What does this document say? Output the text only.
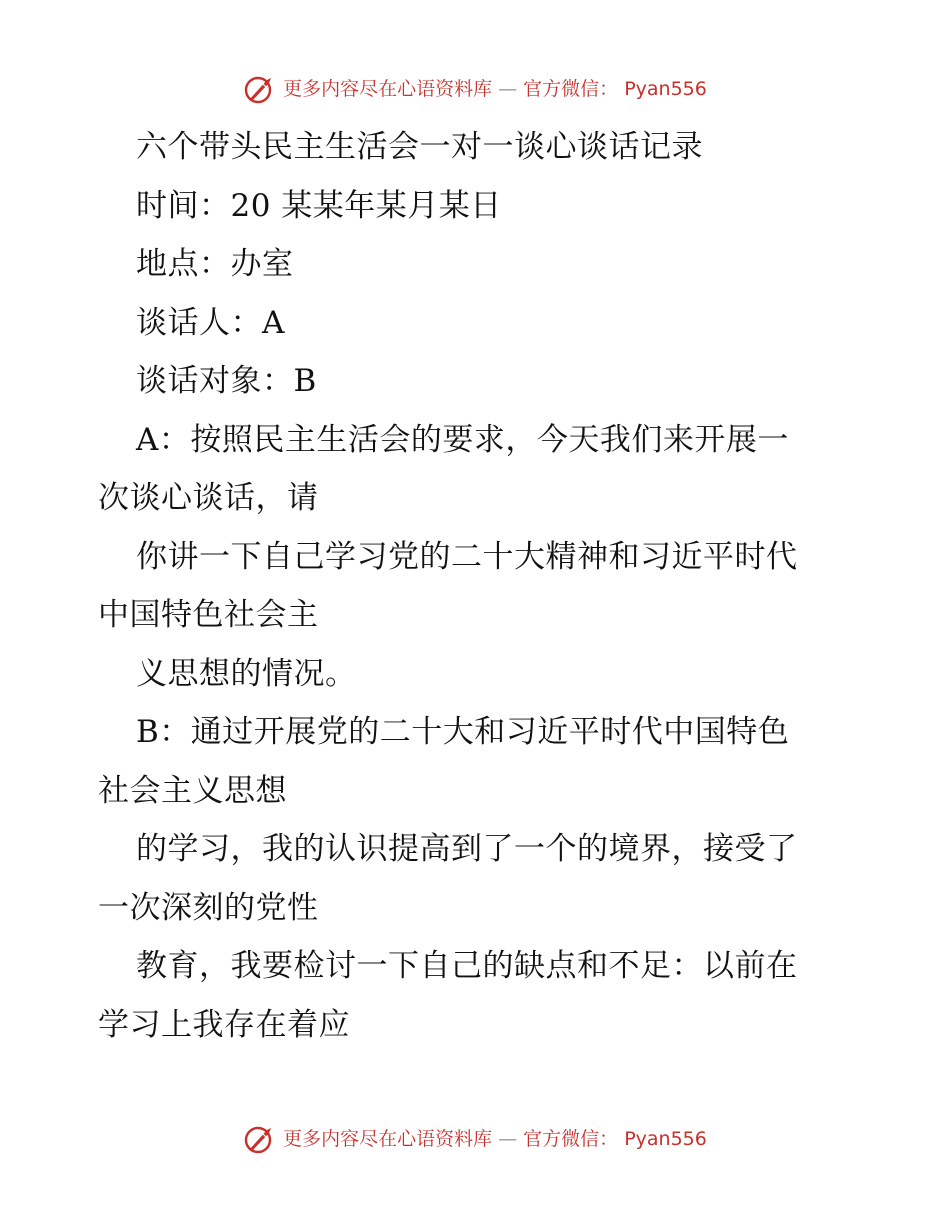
更多内容尽在心语资料库 — 官方微信： Pyan556
六个带头民主生活会一对一谈心谈话记录
时间：20 某某年某月某日
地点：办室
谈话人：A
谈话对象：B
A：按照民主生活会的要求，今天我们来开展一
次谈心谈话，请
你讲一下自己学习党的二十大精神和习近平时代
中国特色社会主
义思想的情况。
B：通过开展党的二十大和习近平时代中国特色
社会主义思想
的学习，我的认识提高到了一个的境界，接受了
一次深刻的党性
教育，我要检讨一下自己的缺点和不足：以前在
学习上我存在着应
更多内容尽在心语资料库 — 官方微信： Pyan556
